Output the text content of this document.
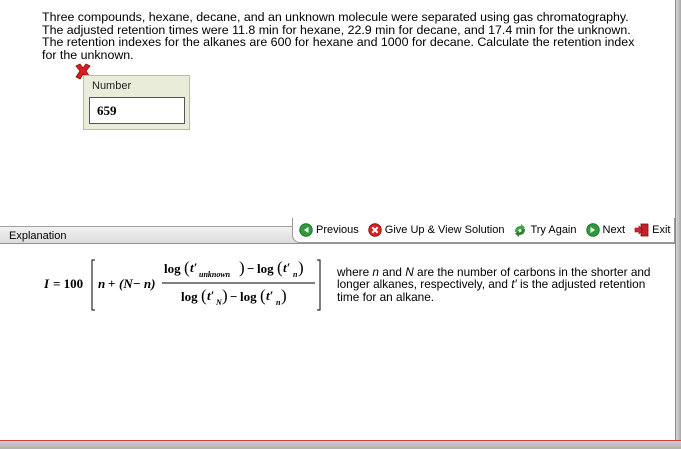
Three compounds, hexane, decane, and an unknown molecule were separated using gas chromatography. The adjusted retention times were 11.8 min for hexane, 22.9 min for decane, and 17.4 min for the unknown. The retention indexes for the alkanes are 600 for hexane and 1000 for decane. Calculate the retention index for the unknown.
Number
659
Explanation	Previous Give Up & View Solution Try Again Next Exit
I = 100 n + (N− n)
log ( t′ unknown ) − log ( t′ n )
log ( t′ N ) − log ( t′ n )
where n and N are the number of carbons in the shorter and longer alkanes, respectively, and t′ is the adjusted retention time for an alkane.
